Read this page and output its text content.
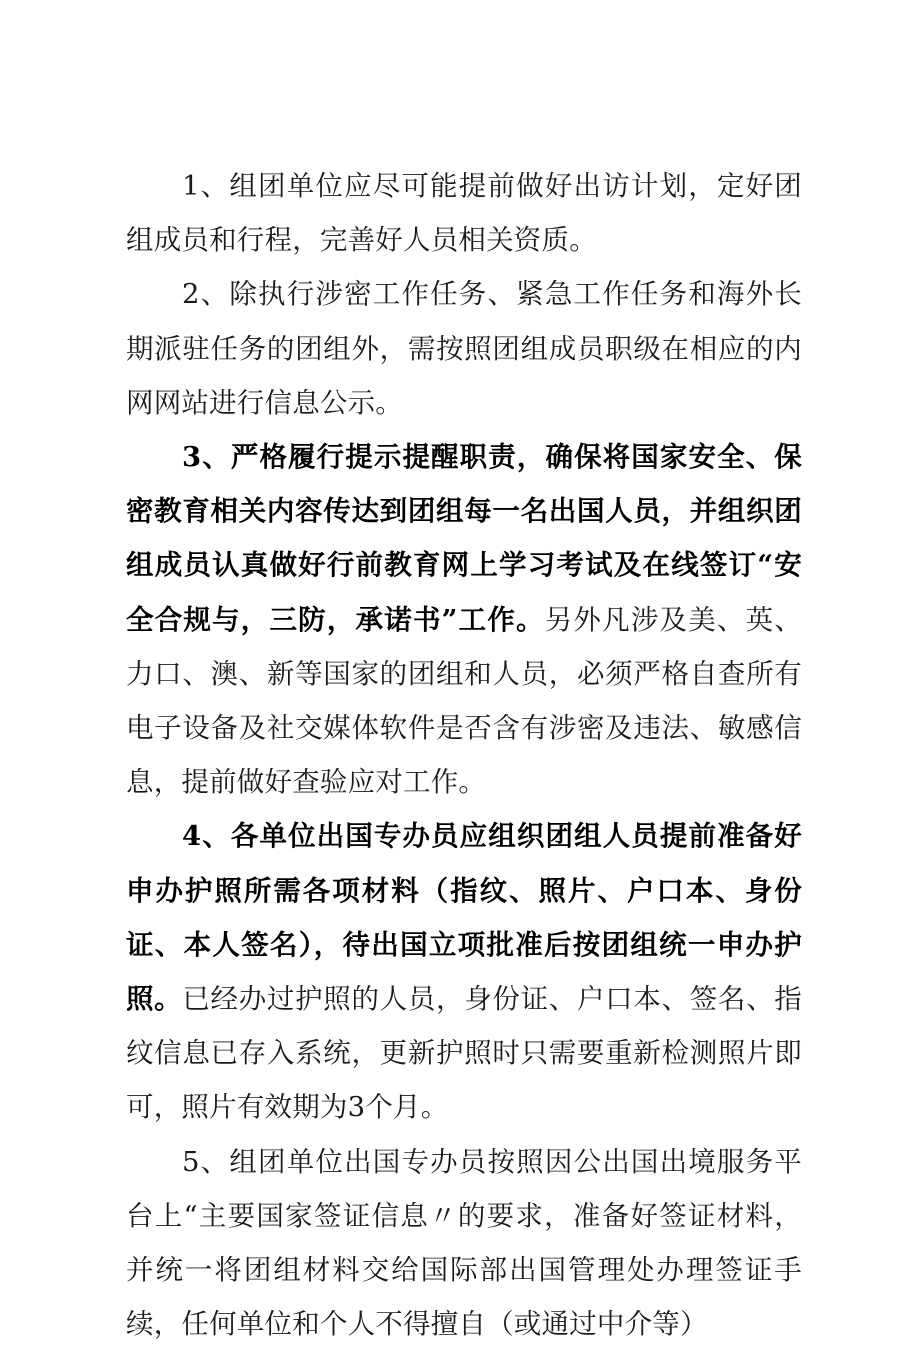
1、组团单位应尽可能提前做好出访计划，定好团组成员和行程，完善好人员相关资质。

2、除执行涉密工作任务、紧急工作任务和海外长期派驻任务的团组外，需按照团组成员职级在相应的内网网站进行信息公示。

3、严格履行提示提醒职责，确保将国家安全、保密教育相关内容传达到团组每一名出国人员，并组织团组成员认真做好行前教育网上学习考试及在线签订“安全合规与，三防，承诺书”工作。另外凡涉及美、英、力口、澳、新等国家的团组和人员，必须严格自查所有电子设备及社交媒体软件是否含有涉密及违法、敏感信息，提前做好查验应对工作。

4、各单位出国专办员应组织团组人员提前准备好申办护照所需各项材料（指纹、照片、户口本、身份证、本人签名），待出国立项批准后按团组统一申办护照。已经办过护照的人员，身份证、户口本、签名、指纹信息已存入系统，更新护照时只需要重新检测照片即可，照片有效期为3个月。

5、组团单位出国专办员按照因公出国出境服务平台上“主要国家签证信息〃的要求，准备好签证材料，并统一将团组材料交给国际部出国管理处办理签证手续，任何单位和个人不得擅自（或通过中介等）
